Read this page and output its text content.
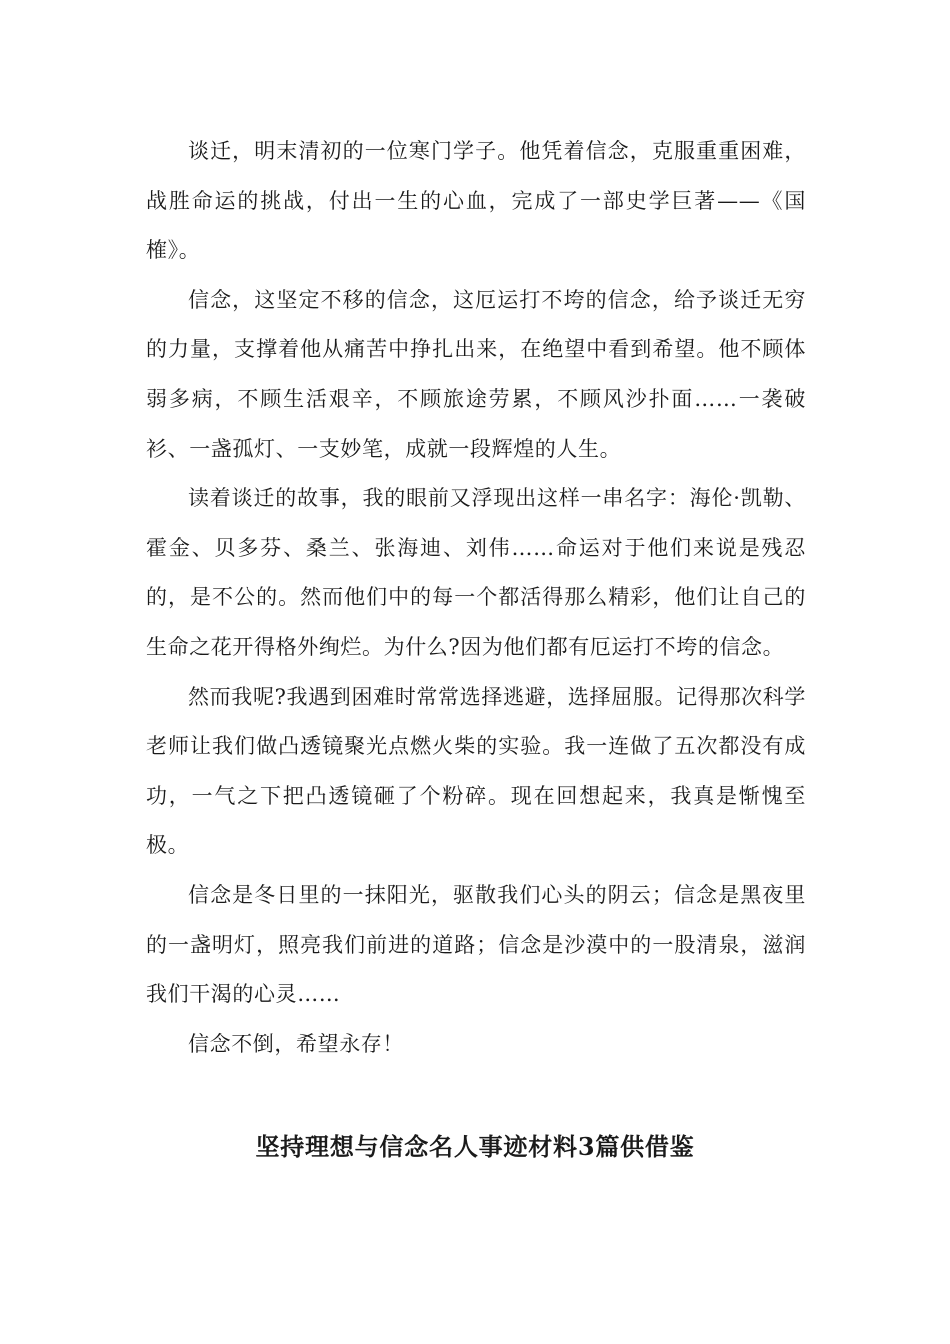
谈迁，明末清初的一位寒门学子。他凭着信念，克服重重困难，战胜命运的挑战，付出一生的心血，完成了一部史学巨著——《国榷》。

信念，这坚定不移的信念，这厄运打不垮的信念，给予谈迁无穷的力量，支撑着他从痛苦中挣扎出来，在绝望中看到希望。他不顾体弱多病，不顾生活艰辛，不顾旅途劳累，不顾风沙扑面……一袭破衫、一盏孤灯、一支妙笔，成就一段辉煌的人生。

读着谈迁的故事，我的眼前又浮现出这样一串名字：海伦·凯勒、霍金、贝多芬、桑兰、张海迪、刘伟……命运对于他们来说是残忍的，是不公的。然而他们中的每一个都活得那么精彩，他们让自己的生命之花开得格外绚烂。为什么?因为他们都有厄运打不垮的信念。

然而我呢?我遇到困难时常常选择逃避，选择屈服。记得那次科学老师让我们做凸透镜聚光点燃火柴的实验。我一连做了五次都没有成功，一气之下把凸透镜砸了个粉碎。现在回想起来，我真是惭愧至极。

信念是冬日里的一抹阳光，驱散我们心头的阴云；信念是黑夜里的一盏明灯，照亮我们前进的道路；信念是沙漠中的一股清泉，滋润我们干渴的心灵……

信念不倒，希望永存！

坚持理想与信念名人事迹材料3篇供借鉴
